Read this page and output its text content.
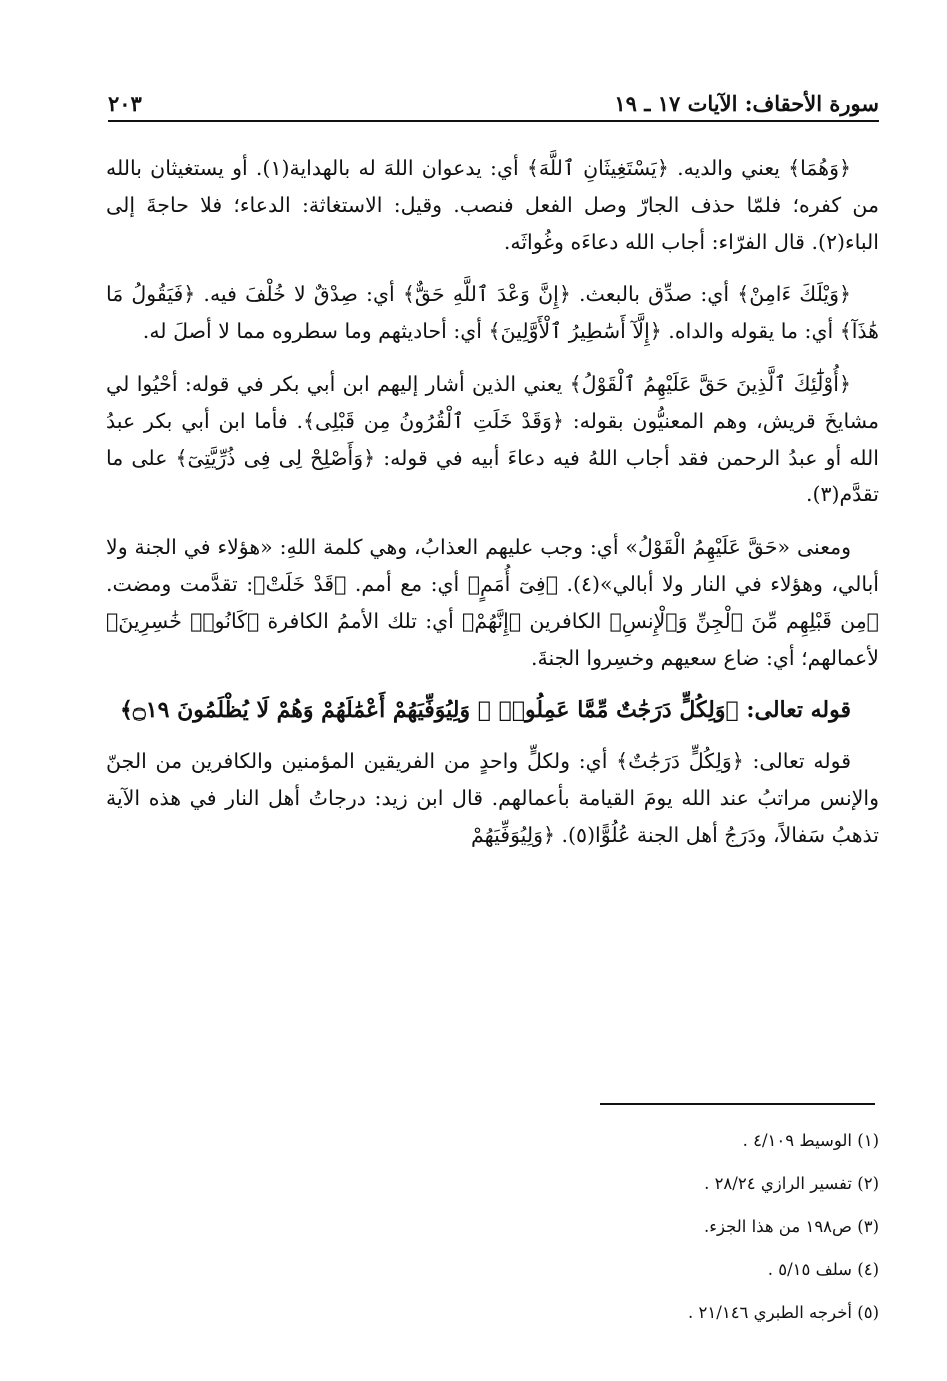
٢٠٣	سورة الأحقاف: الآيات ١٧ ـ ١٩

﴿وَهُمَا﴾ يعني والديه. ﴿يَسْتَغِيثَانِ ٱللَّهَ﴾ أي: يدعوان اللهَ له بالهداية(١). أو يستغيثان بالله من كفره؛ فلمّا حذف الجارّ وصل الفعل فنصب. وقيل: الاستغاثة: الدعاء؛ فلا حاجةَ إلى الباء(٢). قال الفرّاء: أجاب الله دعاءَه وغُواثَه.

﴿وَيْلَكَ ءَامِنْ﴾ أي: صدِّق بالبعث. ﴿إِنَّ وَعْدَ ٱللَّهِ حَقٌّ﴾ أي: صِدْقٌ لا خُلْفَ فيه. ﴿فَيَقُولُ مَا هَٰذَآ﴾ أي: ما يقوله والداه. ﴿إِلَّآ أَسَٰطِيرُ ٱلْأَوَّلِينَ﴾ أي: أحاديثهم وما سطروه مما لا أصلَ له.

﴿أُوْلَٰٓئِكَ ٱلَّذِينَ حَقَّ عَلَيْهِمُ ٱلْقَوْلُ﴾ يعني الذين أشار إليهم ابن أبي بكر في قوله: أحْيُوا لي مشايخَ قريش، وهم المعنيُّون بقوله: ﴿وَقَدْ خَلَتِ ٱلْقُرُونُ مِن قَبْلِى﴾. فأما ابن أبي بكر عبدُ الله أو عبدُ الرحمن فقد أجاب اللهُ فيه دعاءَ أبيه في قوله: ﴿وَأَصْلِحْ لِى فِى ذُرِّيَّتِىٓ﴾ على ما تقدَّم(٣).

ومعنى «حَقَّ عَلَيْهِمُ الْقَوْلُ» أي: وجب عليهم العذابُ، وهي كلمة اللهِ: «هؤلاء في الجنة ولا أبالي، وهؤلاء في النار ولا أبالي»(٤). ﴿فِىٓ أُمَمٍ﴾ أي: مع أمم. ﴿قَدْ خَلَتْ﴾: تقدَّمت ومضت. ﴿مِن قَبْلِهِم مِّنَ ٱلْجِنِّ وَٱلْإِنسِ﴾ الكافرين ﴿إِنَّهُمْ﴾ أي: تلك الأممُ الكافرة ﴿كَانُوا۟ خَٰسِرِينَ﴾ لأعمالهم؛ أي: ضاع سعيهم وخسِروا الجنةَ.

قوله تعالى: ﴿وَلِكُلٍّ دَرَجَٰتٌ مِّمَّا عَمِلُوا۟ ۖ وَلِيُوَفِّيَهُمْ أَعْمَٰلَهُمْ وَهُمْ لَا يُظْلَمُونَ ۝١٩﴾

قوله تعالى: ﴿وَلِكُلٍّ دَرَجَٰتٌ﴾ أي: ولكلٍّ واحدٍ من الفريقين المؤمنين والكافرين من الجنّ والإنس مراتبُ عند الله يومَ القيامة بأعمالهم. قال ابن زيد: درجاتُ أهل النار في هذه الآية تذهبُ سَفالاً، ودَرَجُ أهل الجنة عُلُوًّا(٥). ﴿وَلِيُوَفِّيَهُمْ

(١) الوسيط ٤/١٠٩ .
(٢) تفسير الرازي ٢٨/٢٤ .
(٣) ص١٩٨ من هذا الجزء.
(٤) سلف ٥/١٥ .
(٥) أخرجه الطبري ٢١/١٤٦ .
